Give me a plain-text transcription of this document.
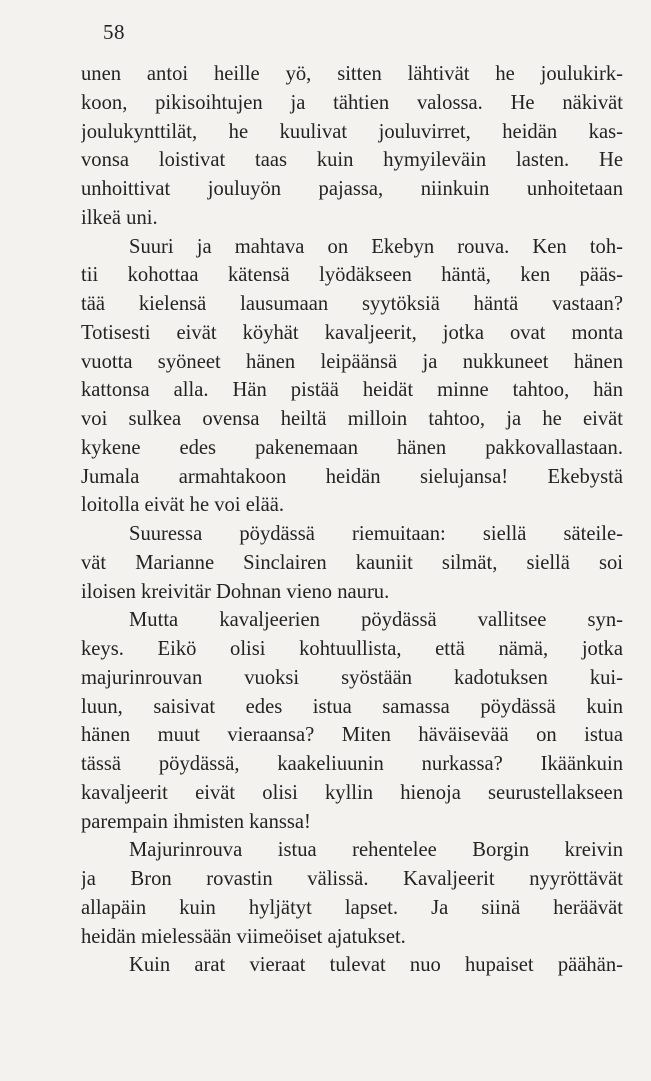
58
unen antoi heille yö, sitten lähtivät he joulukirk-
koon, pikisoihtujen ja tähtien valossa. He näkivät
joulukynttilät, he kuulivat jouluvirret, heidän kas-
vonsa loistivat taas kuin hymyileväin lasten. He
unhoittivat jouluyön pajassa, niinkuin unhoitetaan
ilkeä uni.
Suuri ja mahtava on Ekebyn rouva. Ken toh-
tii kohottaa kätensä lyödäkseen häntä, ken pääs-
tää kielensä lausumaan syytöksiä häntä vastaan?
Totisesti eivät köyhät kavaljeerit, jotka ovat monta
vuotta syöneet hänen leipäänsä ja nukkuneet hänen
kattonsa alla. Hän pistää heidät minne tahtoo, hän
voi sulkea ovensa heiltä milloin tahtoo, ja he eivät
kykene edes pakenemaan hänen pakkovallastaan.
Jumala armahtakoon heidän sielujansa! Ekebystä
loitolla eivät he voi elää.
Suuressa pöydässä riemuitaan: siellä säteile-
vät Marianne Sinclairen kauniit silmät, siellä soi
iloisen kreivitär Dohnan vieno nauru.
Mutta kavaljeerien pöydässä vallitsee syn-
keys. Eikö olisi kohtuullista, että nämä, jotka
majurinrouvan vuoksi syöstään kadotuksen kui-
luun, saisivat edes istua samassa pöydässä kuin
hänen muut vieraansa? Miten häväisevää on istua
tässä pöydässä, kaakeliuunin nurkassa? Ikäänkuin
kavaljeerit eivät olisi kyllin hienoja seurustellakseen
parempain ihmisten kanssa!
Majurinrouva istua rehentelee Borgin kreivin
ja Bron rovastin välissä. Kavaljeerit nyyröttävät
allapäin kuin hyljätyt lapset. Ja siinä heräävät
heidän mielessään viimeöiset ajatukset.
Kuin arat vieraat tulevat nuo hupaiset päähän-
